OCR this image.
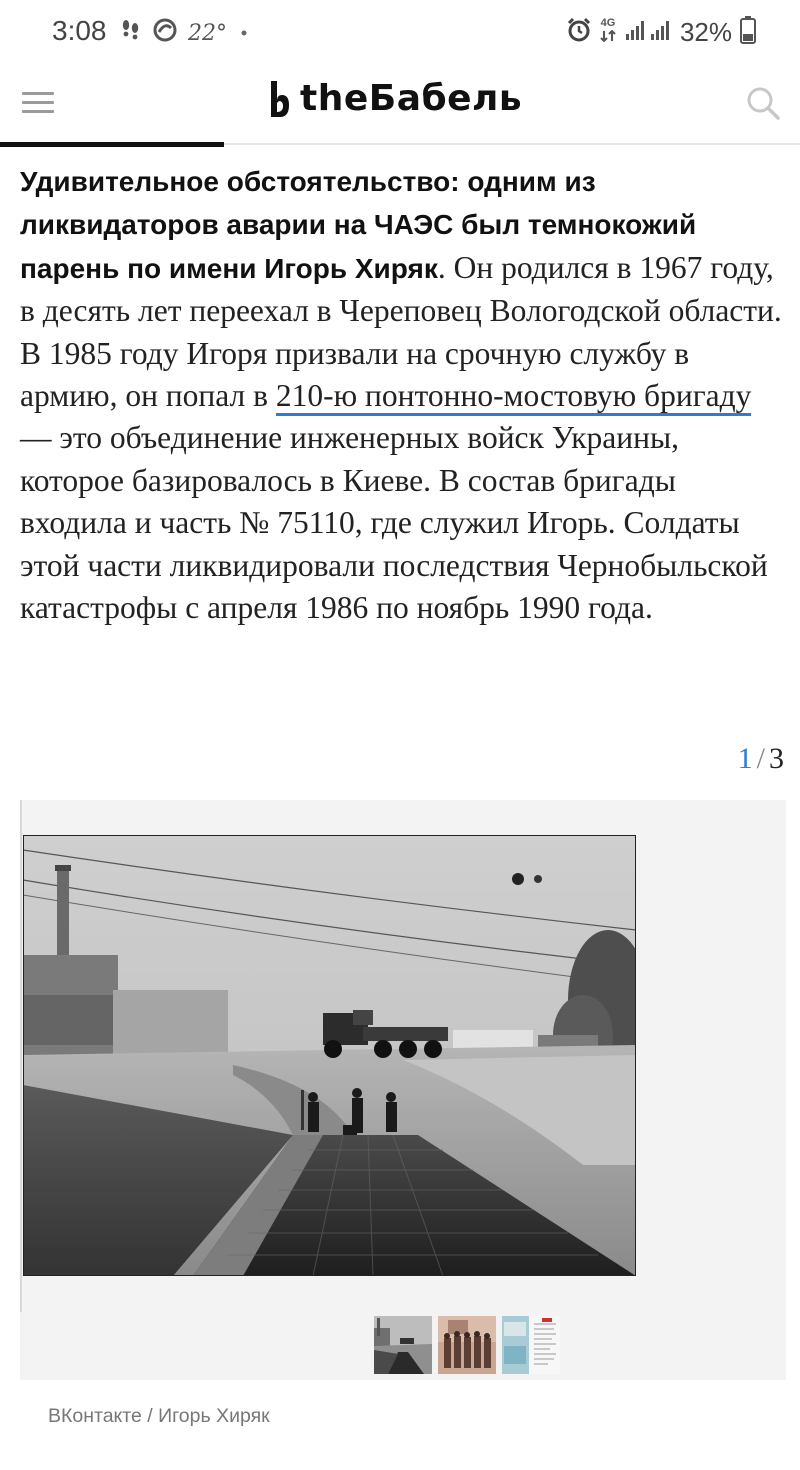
3:08	22°	4G 32%
theБабель
Удивительное обстоятельство: одним из ликвидаторов аварии на ЧАЭС был темнокожий парень по имени Игорь Хиряк. Он родился в 1967 году, в десять лет переехал в Череповец Вологодской области. В 1985 году Игоря призвали на срочную службу в армию, он попал в 210-ю понтонно-мостовую бригаду — это объединение инженерных войск Украины, которое базировалось в Киеве. В состав бригады входила и часть № 75110, где служил Игорь. Солдаты этой части ликвидировали последствия Чернобыльской катастрофы с апреля 1986 по ноябрь 1990 года.
1 / 3
ВКонтакте / Игорь Хиряк
